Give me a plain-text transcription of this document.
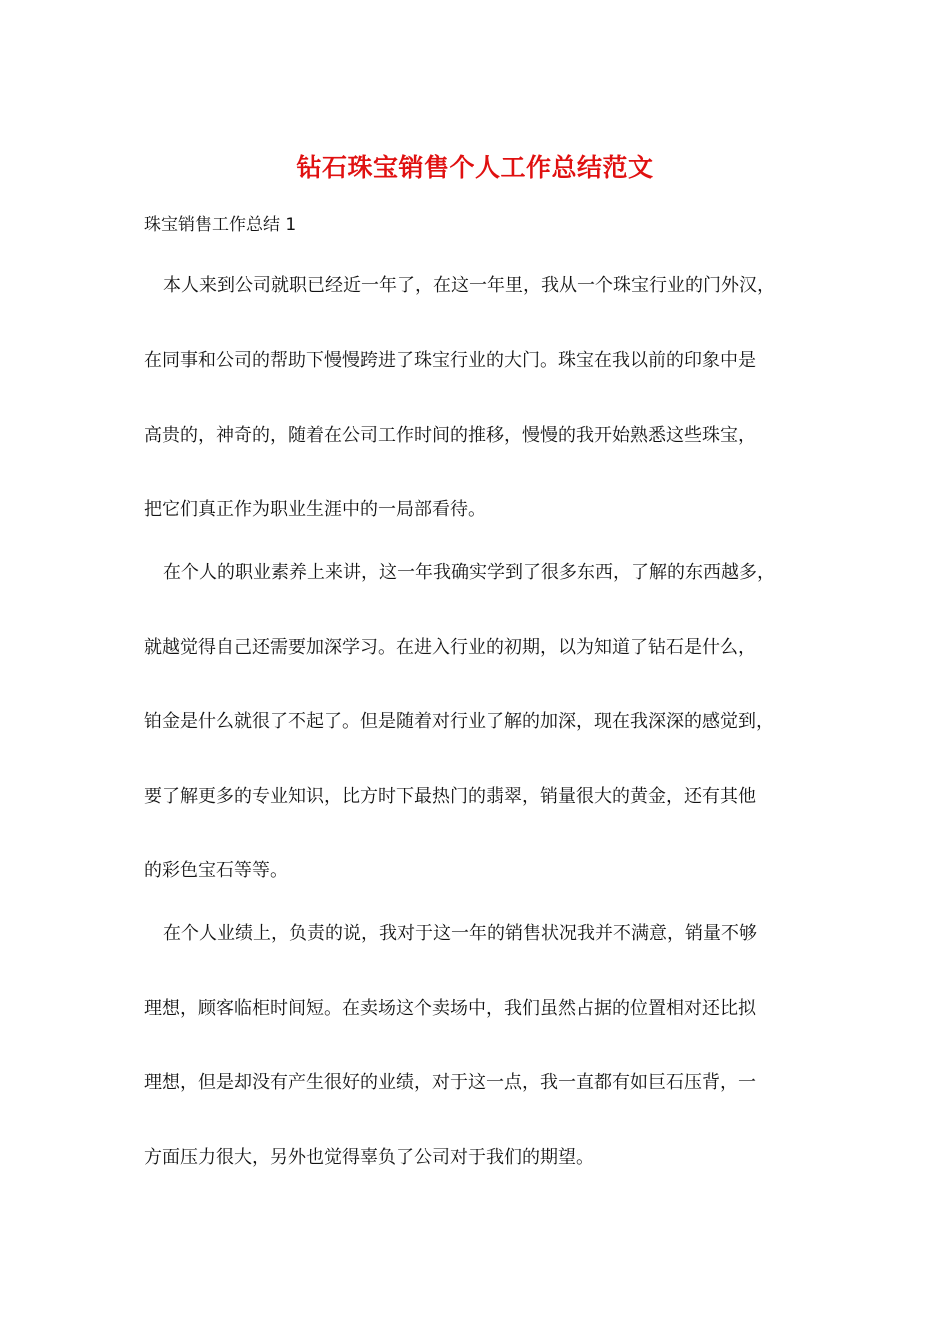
钻石珠宝销售个人工作总结范文

珠宝销售工作总结 1

本人来到公司就职已经近一年了，在这一年里，我从一个珠宝行业的门外汉，

在同事和公司的帮助下慢慢跨进了珠宝行业的大门。珠宝在我以前的印象中是

高贵的，神奇的，随着在公司工作时间的推移，慢慢的我开始熟悉这些珠宝，

把它们真正作为职业生涯中的一局部看待。

在个人的职业素养上来讲，这一年我确实学到了很多东西，了解的东西越多，

就越觉得自己还需要加深学习。在进入行业的初期，以为知道了钻石是什么，

铂金是什么就很了不起了。但是随着对行业了解的加深，现在我深深的感觉到，

要了解更多的专业知识，比方时下最热门的翡翠，销量很大的黄金，还有其他

的彩色宝石等等。

在个人业绩上，负责的说，我对于这一年的销售状况我并不满意，销量不够

理想，顾客临柜时间短。在卖场这个卖场中，我们虽然占据的位置相对还比拟

理想，但是却没有产生很好的业绩，对于这一点，我一直都有如巨石压背，一

方面压力很大，另外也觉得辜负了公司对于我们的期望。
